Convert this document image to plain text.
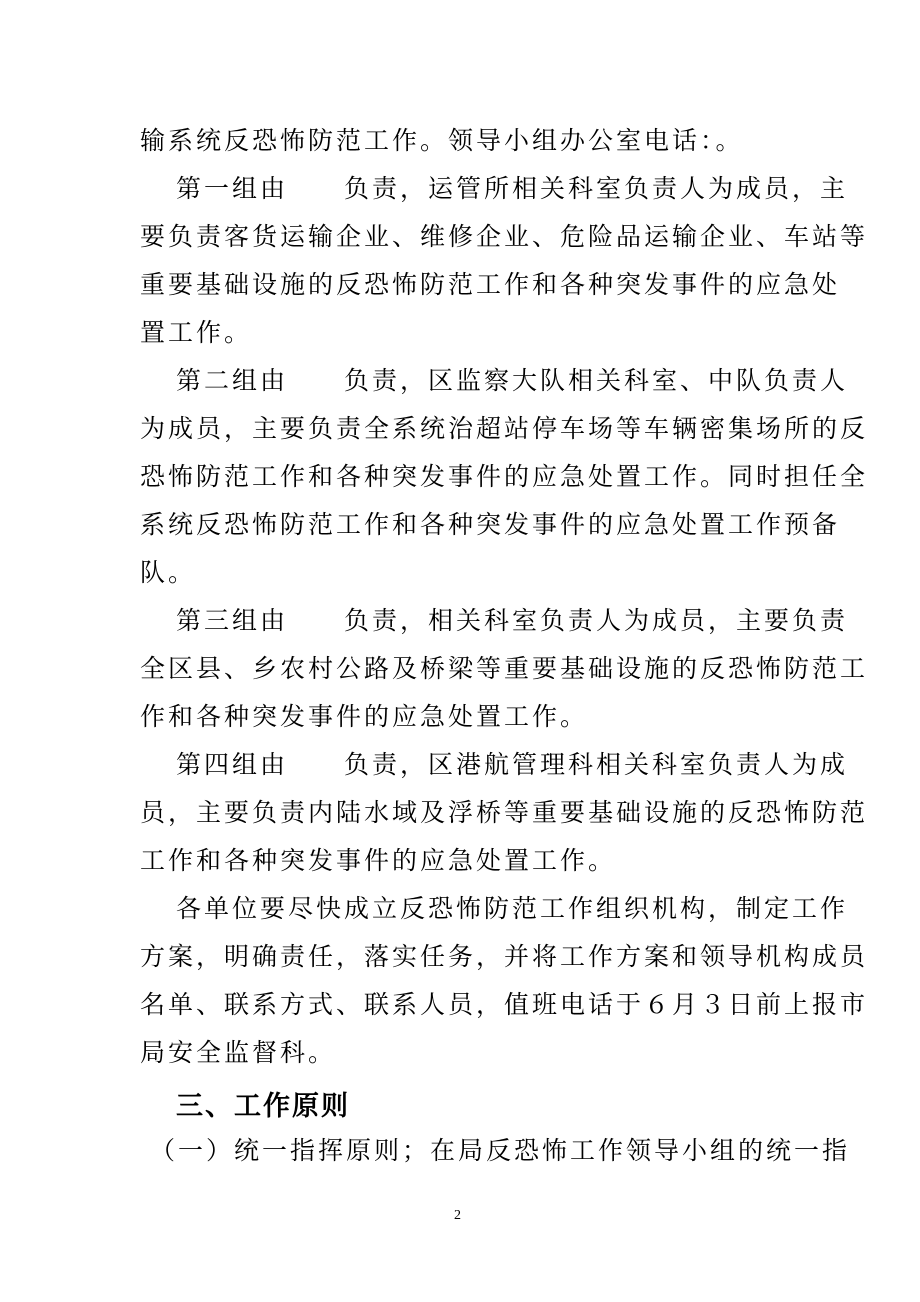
输系统反恐怖防范工作。领导小组办公室电话：。
第一组由 负责，运管所相关科室负责人为成员，主
要负责客货运输企业、维修企业、危险品运输企业、车站等
重要基础设施的反恐怖防范工作和各种突发事件的应急处
置工作。
第二组由 负责，区监察大队相关科室、中队负责人
为成员，主要负责全系统治超站停车场等车辆密集场所的反
恐怖防范工作和各种突发事件的应急处置工作。同时担任全
系统反恐怖防范工作和各种突发事件的应急处置工作预备
队。
第三组由 负责，相关科室负责人为成员，主要负责
全区县、乡农村公路及桥梁等重要基础设施的反恐怖防范工
作和各种突发事件的应急处置工作。
第四组由 负责，区港航管理科相关科室负责人为成
员，主要负责内陆水域及浮桥等重要基础设施的反恐怖防范
工作和各种突发事件的应急处置工作。
各单位要尽快成立反恐怖防范工作组织机构，制定工作
方案，明确责任，落实任务，并将工作方案和领导机构成员
名单、联系方式、联系人员，值班电话于６月３日前上报市
局安全监督科。
三、工作原则
（一）统一指挥原则；在局反恐怖工作领导小组的统一指
2
